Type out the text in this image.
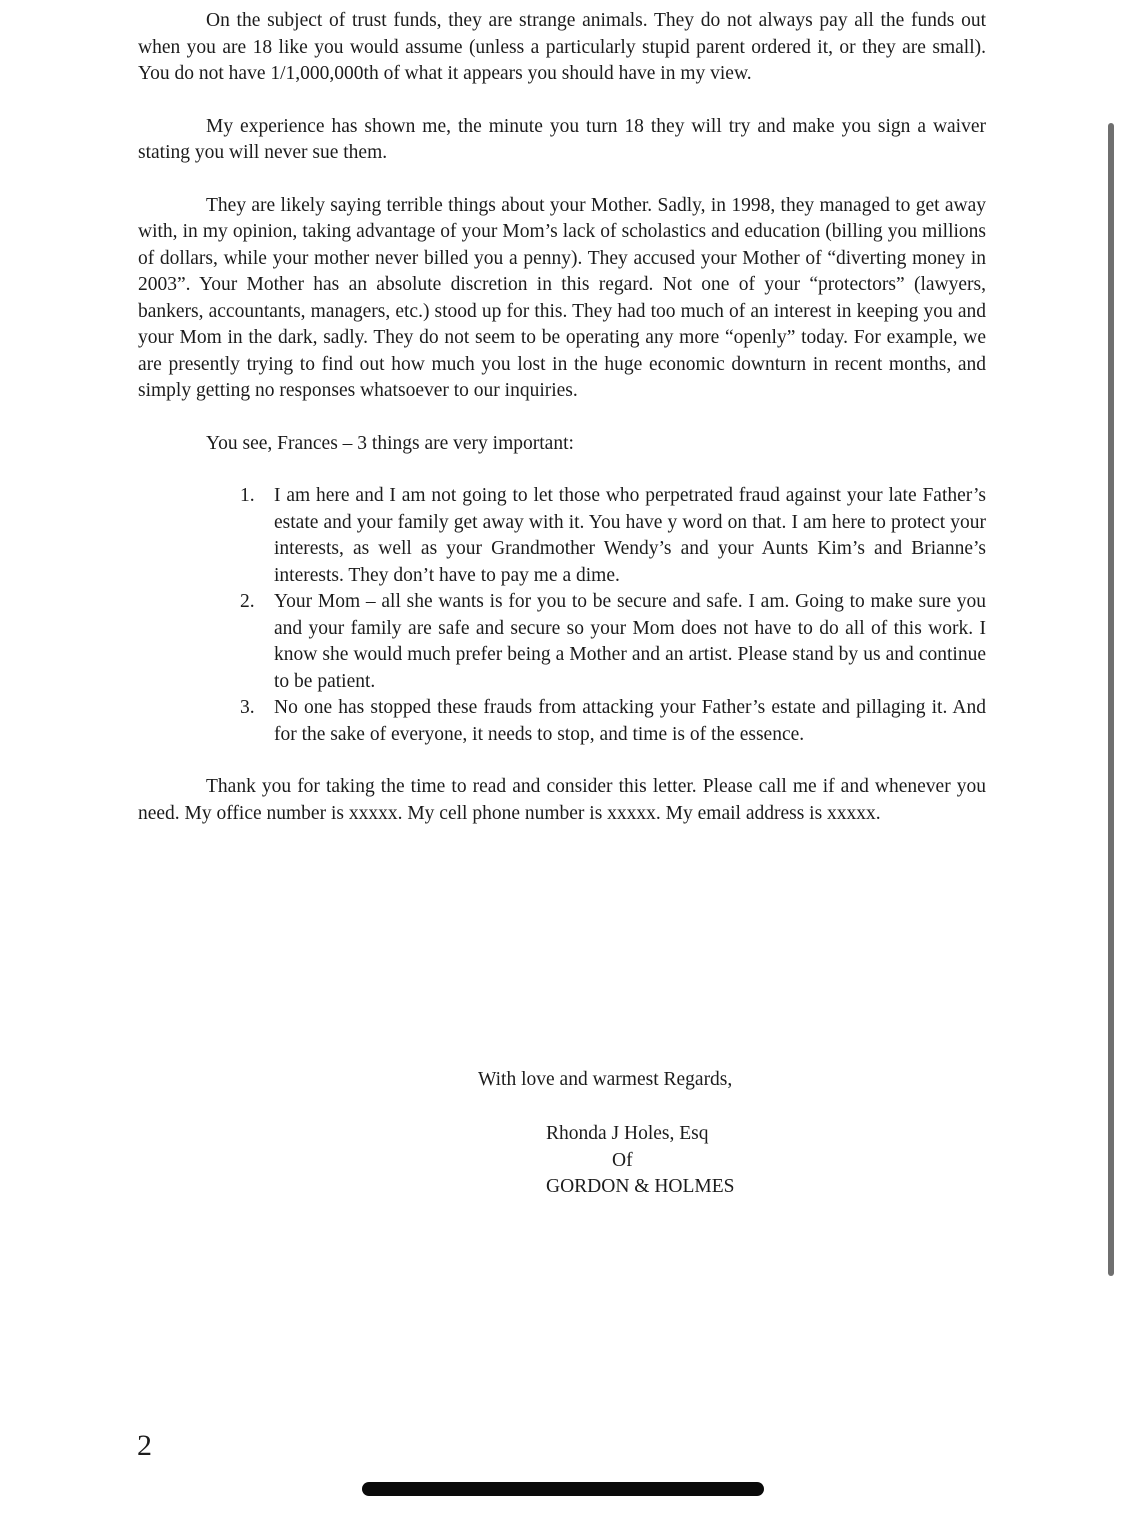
On the subject of trust funds, they are strange animals. They do not always pay all the funds out when you are 18 like you would assume (unless a particularly stupid parent ordered it, or they are small). You do not have 1/1,000,000th of what it appears you should have in my view.

My experience has shown me, the minute you turn 18 they will try and make you sign a waiver stating you will never sue them.

They are likely saying terrible things about your Mother. Sadly, in 1998, they managed to get away with, in my opinion, taking advantage of your Mom’s lack of scholastics and education (billing you millions of dollars, while your mother never billed you a penny). They accused your Mother of “diverting money in 2003”. Your Mother has an absolute discretion in this regard. Not one of your “protectors” (lawyers, bankers, accountants, managers, etc.) stood up for this. They had too much of an interest in keeping you and your Mom in the dark, sadly. They do not seem to be operating any more “openly” today. For example, we are presently trying to find out how much you lost in the huge economic downturn in recent months, and simply getting no responses whatsoever to our inquiries.

You see, Frances – 3 things are very important:

1. I am here and I am not going to let those who perpetrated fraud against your late Father’s estate and your family get away with it. You have y word on that. I am here to protect your interests, as well as your Grandmother Wendy’s and your Aunts Kim’s and Brianne’s interests. They don’t have to pay me a dime.
2. Your Mom – all she wants is for you to be secure and safe. I am. Going to make sure you and your family are safe and secure so your Mom does not have to do all of this work. I know she would much prefer being a Mother and an artist. Please stand by us and continue to be patient.
3. No one has stopped these frauds from attacking your Father’s estate and pillaging it. And for the sake of everyone, it needs to stop, and time is of the essence.

Thank you for taking the time to read and consider this letter. Please call me if and whenever you need. My office number is xxxxx. My cell phone number is xxxxx. My email address is xxxxx.

With love and warmest Regards,
Rhonda J Holes, Esq
Of
GORDON & HOLMES
2
